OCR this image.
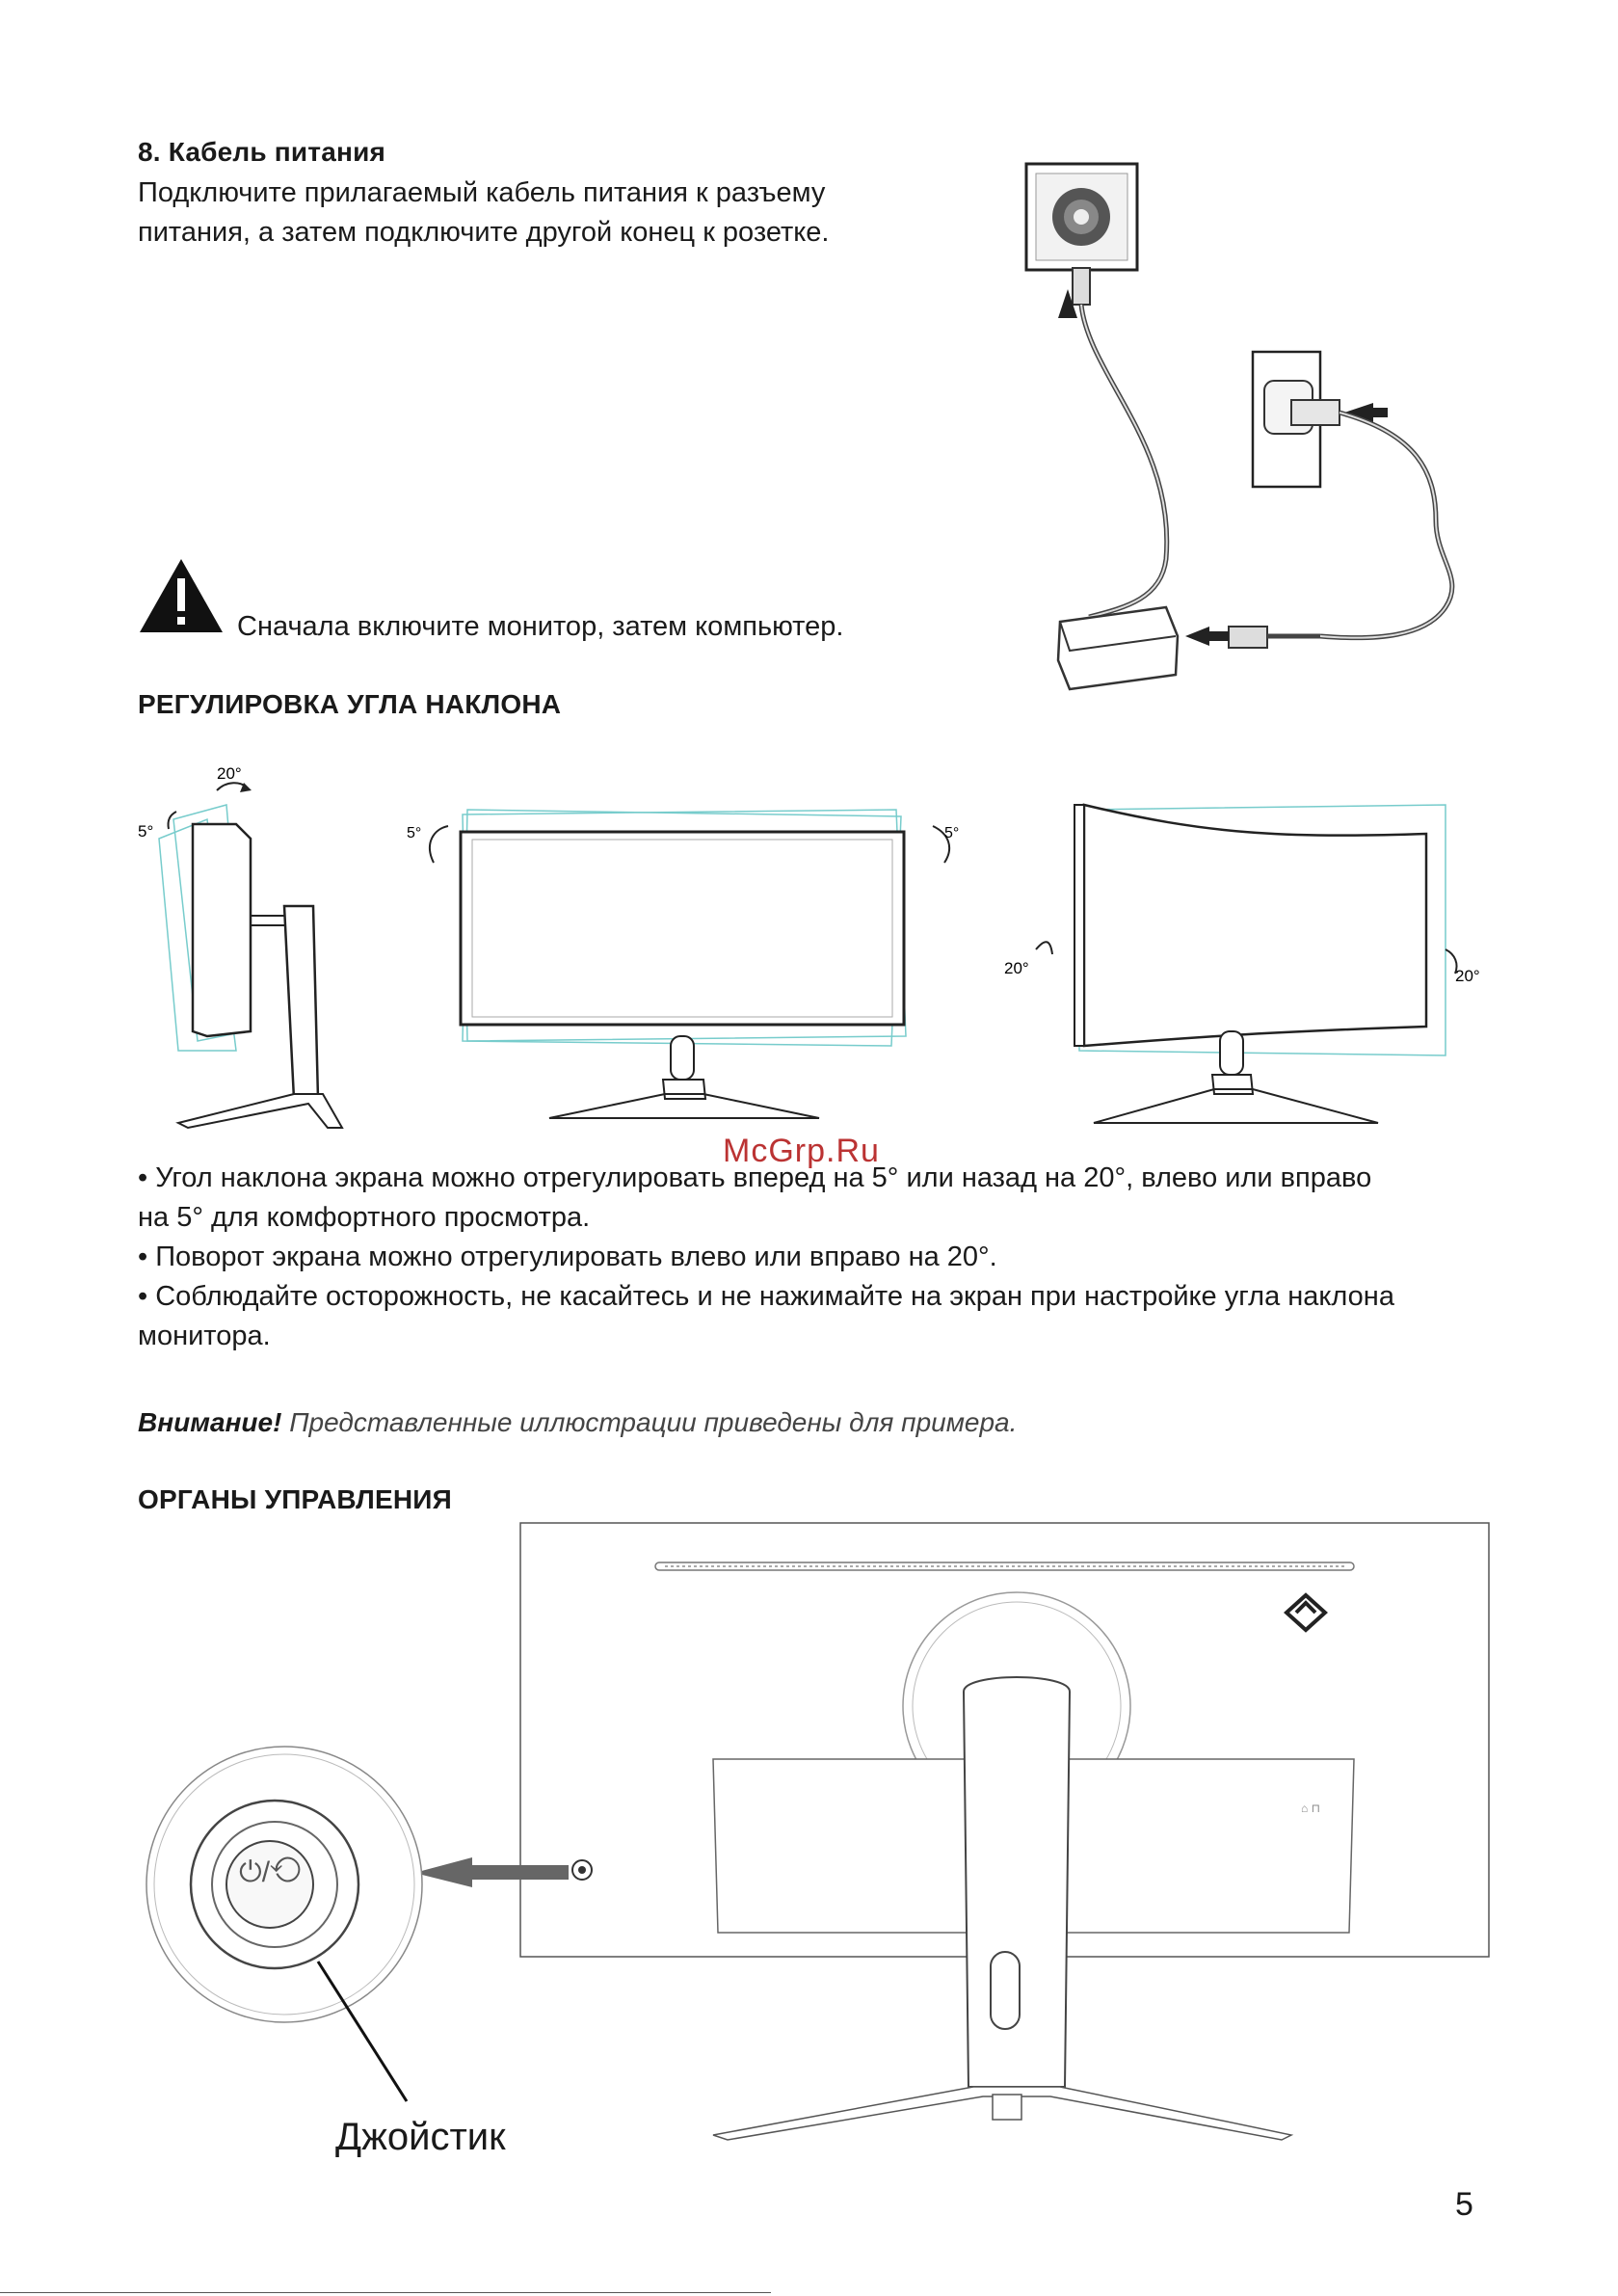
8. Кабель питания
Подключите прилагаемый кабель питания к разъему
питания, а затем подключите другой конец к розетке.
Сначала включите монитор, затем компьютер.
РЕГУЛИРОВКА УГЛА НАКЛОНА
20°
5°	5°	5°
20°	20°
McGrp.Ru
• Угол наклона экрана можно отрегулировать вперед на 5° или назад на 20°, влево или вправо
на 5° для комфортного просмотра.
• Поворот экрана можно отрегулировать влево или вправо на 20°.
• Соблюдайте осторожность, не касайтесь и не нажимайте на экран при настройке угла наклона
монитора.
Внимание! Представленные иллюстрации приведены для примера.
ОРГАНЫ УПРАВЛЕНИЯ
⌂ ⊓
⏻/⟲
Джойстик
5
